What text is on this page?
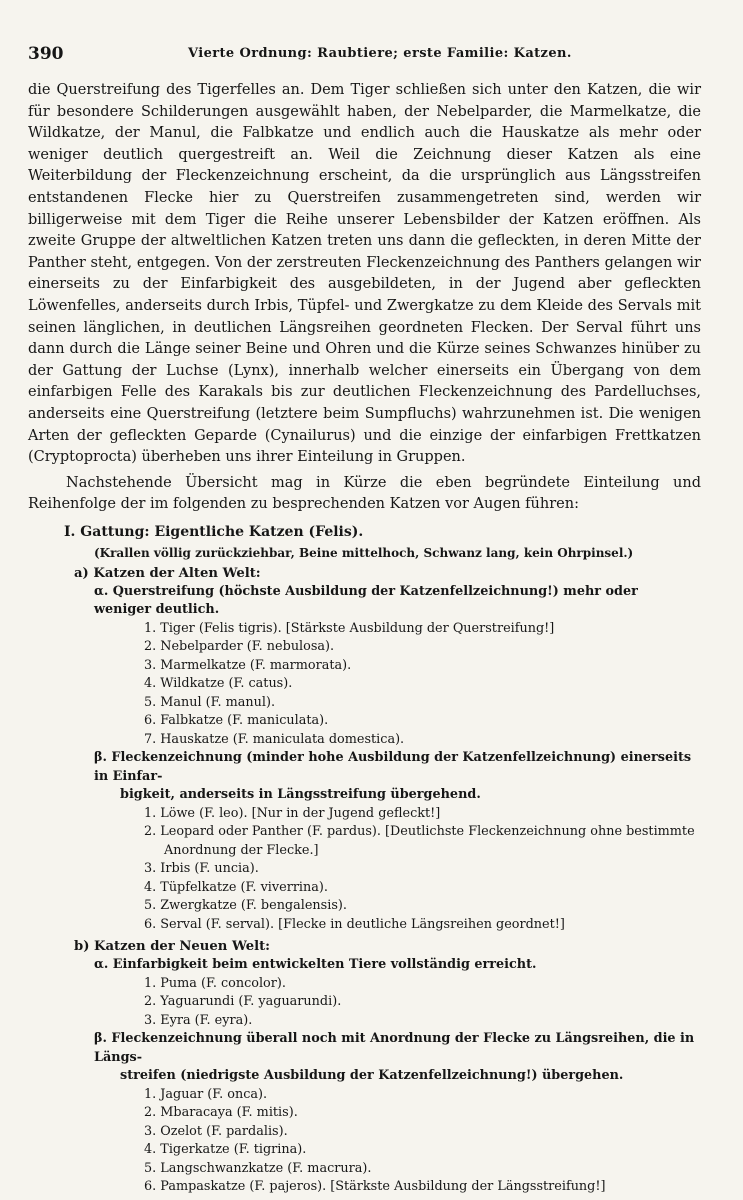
390	Vierte Ordnung: Raubtiere; erste Familie: Katzen.

die Querstreifung des Tigerfelles an. Dem Tiger schließen sich unter den Katzen, die wir für besondere Schilderungen ausgewählt haben, der Nebelparder, die Marmelkatze, die Wildkatze, der Manul, die Falbkatze und endlich auch die Hauskatze als mehr oder weniger deutlich quergestreift an. Weil die Zeichnung dieser Katzen als eine Weiterbildung der Fleckenzeichnung erscheint, da die ursprünglich aus Längsstreifen entstandenen Flecke hier zu Querstreifen zusammengetreten sind, werden wir billigerweise mit dem Tiger die Reihe unserer Lebensbilder der Katzen eröffnen. Als zweite Gruppe der altweltlichen Katzen treten uns dann die gefleckten, in deren Mitte der Panther steht, entgegen. Von der zerstreuten Fleckenzeichnung des Panthers gelangen wir einerseits zu der Einfarbigkeit des ausgebildeten, in der Jugend aber gefleckten Löwenfelles, anderseits durch Irbis, Tüpfel- und Zwergkatze zu dem Kleide des Servals mit seinen länglichen, in deutlichen Längsreihen geordneten Flecken. Der Serval führt uns dann durch die Länge seiner Beine und Ohren und die Kürze seines Schwanzes hinüber zu der Gattung der Luchse (Lynx), innerhalb welcher einerseits ein Übergang von dem einfarbigen Felle des Karakals bis zur deutlichen Fleckenzeichnung des Pardelluchses, anderseits eine Querstreifung (letztere beim Sumpfluchs) wahrzunehmen ist. Die wenigen Arten der gefleckten Geparde (Cynailurus) und die einzige der einfarbigen Frettkatzen (Cryptoprocta) überheben uns ihrer Einteilung in Gruppen.

Nachstehende Übersicht mag in Kürze die eben begründete Einteilung und Reihenfolge der im folgenden zu besprechenden Katzen vor Augen führen:

I. Gattung: Eigentliche Katzen (Felis).
(Krallen völlig zurückziehbar, Beine mittelhoch, Schwanz lang, kein Ohrpinsel.)
a) Katzen der Alten Welt:
α. Querstreifung (höchste Ausbildung der Katzenfellzeichnung!) mehr oder weniger deutlich.
1. Tiger (Felis tigris). [Stärkste Ausbildung der Querstreifung!]
2. Nebelparder (F. nebulosa).
3. Marmelkatze (F. marmorata).
4. Wildkatze (F. catus).
5. Manul (F. manul).
6. Falbkatze (F. maniculata).
7. Hauskatze (F. maniculata domestica).
β. Fleckenzeichnung (minder hohe Ausbildung der Katzenfellzeichnung) einerseits in Einfar-
bigkeit, anderseits in Längsstreifung übergehend.
1. Löwe (F. leo). [Nur in der Jugend gefleckt!]
2. Leopard oder Panther (F. pardus). [Deutlichste Fleckenzeichnung ohne bestimmte
Anordnung der Flecke.]
3. Irbis (F. uncia).
4. Tüpfelkatze (F. viverrina).
5. Zwergkatze (F. bengalensis).
6. Serval (F. serval). [Flecke in deutliche Längsreihen geordnet!]
b) Katzen der Neuen Welt:
α. Einfarbigkeit beim entwickelten Tiere vollständig erreicht.
1. Puma (F. concolor).
2. Yaguarundi (F. yaguarundi).
3. Eyra (F. eyra).
β. Fleckenzeichnung überall noch mit Anordnung der Flecke zu Längsreihen, die in Längs-
streifen (niedrigste Ausbildung der Katzenfellzeichnung!) übergehen.
1. Jaguar (F. onca).
2. Mbaracaya (F. mitis).
3. Ozelot (F. pardalis).
4. Tigerkatze (F. tigrina).
5. Langschwanzkatze (F. macrura).
6. Pampaskatze (F. pajeros). [Stärkste Ausbildung der Längsstreifung!]
